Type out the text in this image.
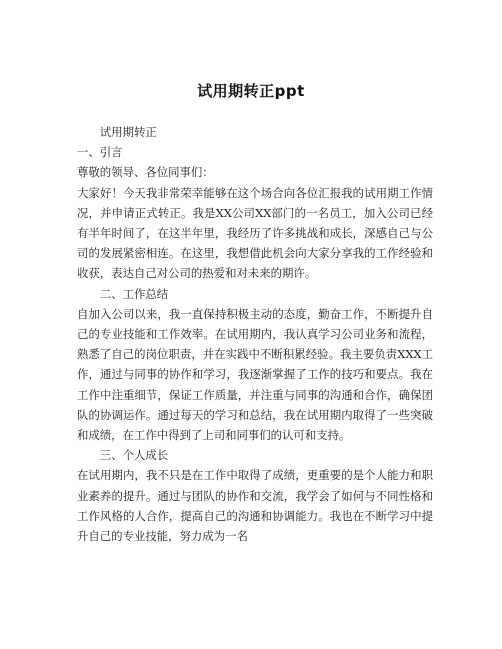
试用期转正ppt

试用期转正

一、引言

尊敬的领导、各位同事们：

大家好！今天我非常荣幸能够在这个场合向各位汇报我的试用期工作情况，并申请正式转正。我是XX公司XX部门的一名员工，加入公司已经有半年时间了，在这半年里，我经历了许多挑战和成长，深感自己与公司的发展紧密相连。在这里，我想借此机会向大家分享我的工作经验和收获，表达自己对公司的热爱和对未来的期许。

二、工作总结

自加入公司以来，我一直保持积极主动的态度，勤奋工作，不断提升自己的专业技能和工作效率。在试用期内，我认真学习公司业务和流程，熟悉了自己的岗位职责，并在实践中不断积累经验。我主要负责XXX工作，通过与同事的协作和学习，我逐渐掌握了工作的技巧和要点。我在工作中注重细节，保证工作质量，并注重与同事的沟通和合作，确保团队的协调运作。通过每天的学习和总结，我在试用期内取得了一些突破和成绩，在工作中得到了上司和同事们的认可和支持。

三、个人成长

在试用期内，我不只是在工作中取得了成绩，更重要的是个人能力和职业素养的提升。通过与团队的协作和交流，我学会了如何与不同性格和工作风格的人合作，提高自己的沟通和协调能力。我也在不断学习中提升自己的专业技能，努力成为一名
